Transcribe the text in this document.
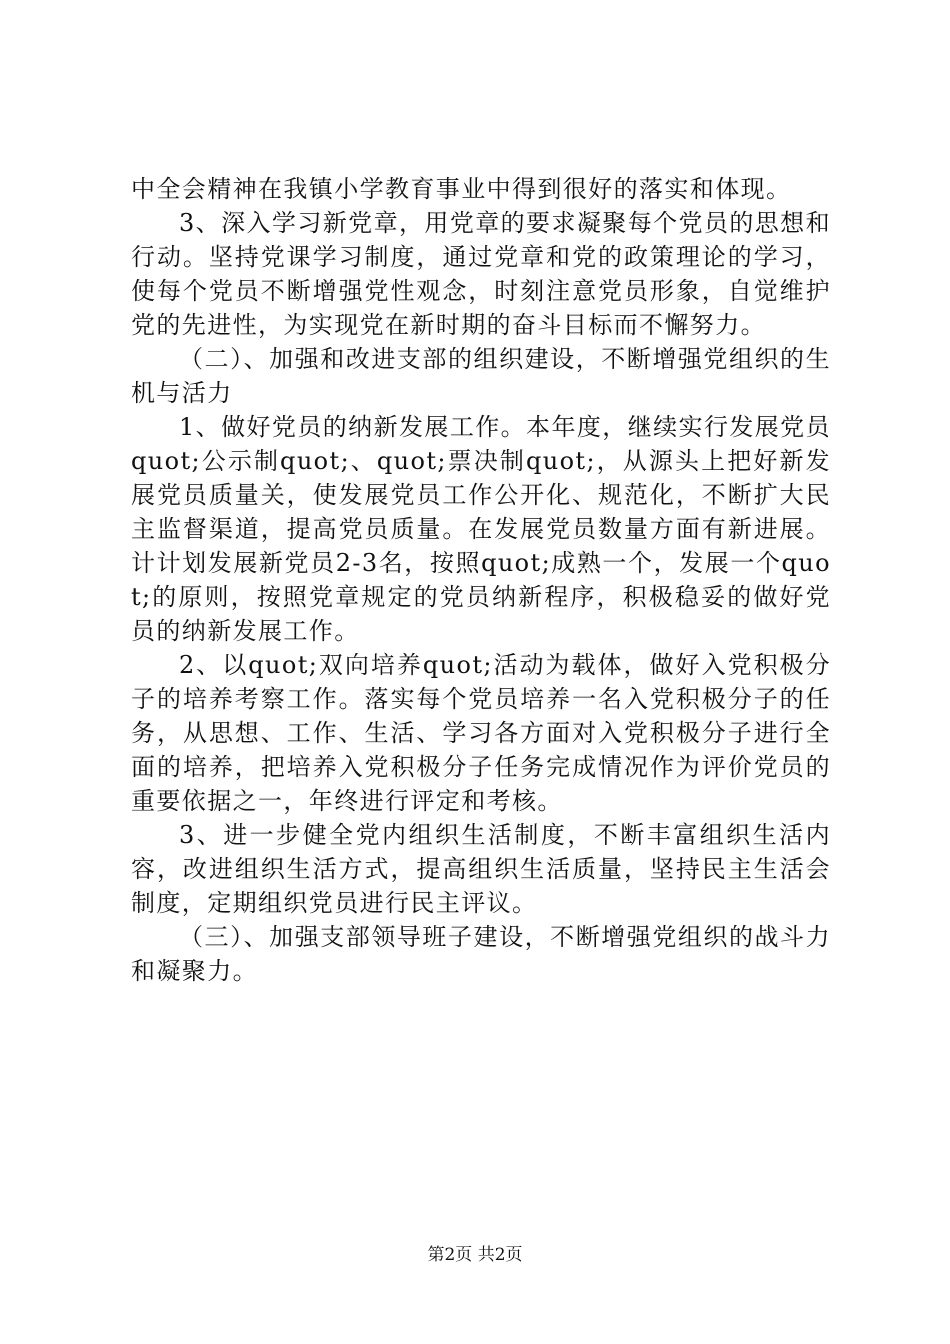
中全会精神在我镇小学教育事业中得到很好的落实和体现。

3、深入学习新党章，用党章的要求凝聚每个党员的思想和行动。坚持党课学习制度，通过党章和党的政策理论的学习，使每个党员不断增强党性观念，时刻注意党员形象，自觉维护党的先进性，为实现党在新时期的奋斗目标而不懈努力。

（二）、加强和改进支部的组织建设，不断增强党组织的生机与活力

1、做好党员的纳新发展工作。本年度，继续实行发展党员quot;公示制quot;、quot;票决制quot;，从源头上把好新发展党员质量关，使发展党员工作公开化、规范化，不断扩大民主监督渠道，提高党员质量。在发展党员数量方面有新进展。计计划发展新党员2-3名，按照quot;成熟一个，发展一个quot;的原则，按照党章规定的党员纳新程序，积极稳妥的做好党员的纳新发展工作。

2、以quot;双向培养quot;活动为载体，做好入党积极分子的培养考察工作。落实每个党员培养一名入党积极分子的任务，从思想、工作、生活、学习各方面对入党积极分子进行全面的培养，把培养入党积极分子任务完成情况作为评价党员的重要依据之一，年终进行评定和考核。

3、进一步健全党内组织生活制度，不断丰富组织生活内容，改进组织生活方式，提高组织生活质量，坚持民主生活会制度，定期组织党员进行民主评议。

（三）、加强支部领导班子建设，不断增强党组织的战斗力和凝聚力。

第2页 共2页
